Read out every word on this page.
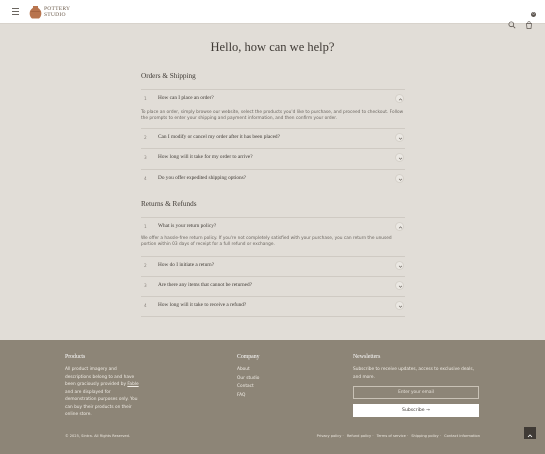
POTTERY
STUDIO
	0
Hello, how can we help?
Orders & Shipping
1 How can I place an order?
To place an order, simply browse our website, select the products you'd like to purchase, and proceed to checkout. Follow the prompts to enter your shipping and payment information, and then confirm your order.
2 Can I modify or cancel my order after it has been placed?
3 How long will it take for my order to arrive?
4 Do you offer expedited shipping options?
Returns & Refunds
1 What is your return policy?
We offer a hassle-free return policy. If you're not completely satisfied with your purchase, you can return the unused portion within 03 days of receipt for a full refund or exchange.
2 How do I initiate a return?
3 Are there any items that cannot be returned?
4 How long will it take to receive a refund?
Products
All product imagery and
descriptions belong to and have
been graciously provided by Fable
and are displayed for
demonstration purposes only. You
can buy their products on their
online store.
Company
About
Our studio
Contact
FAQ
Newsletters
Subscribe to receive updates, access to exclusive deals,
and more.
Enter your email
Subscribe →
© 2025, Sintra. All Rights Reserved.	Privacy policy · Refund policy · Terms of service · Shipping policy · Contact information
